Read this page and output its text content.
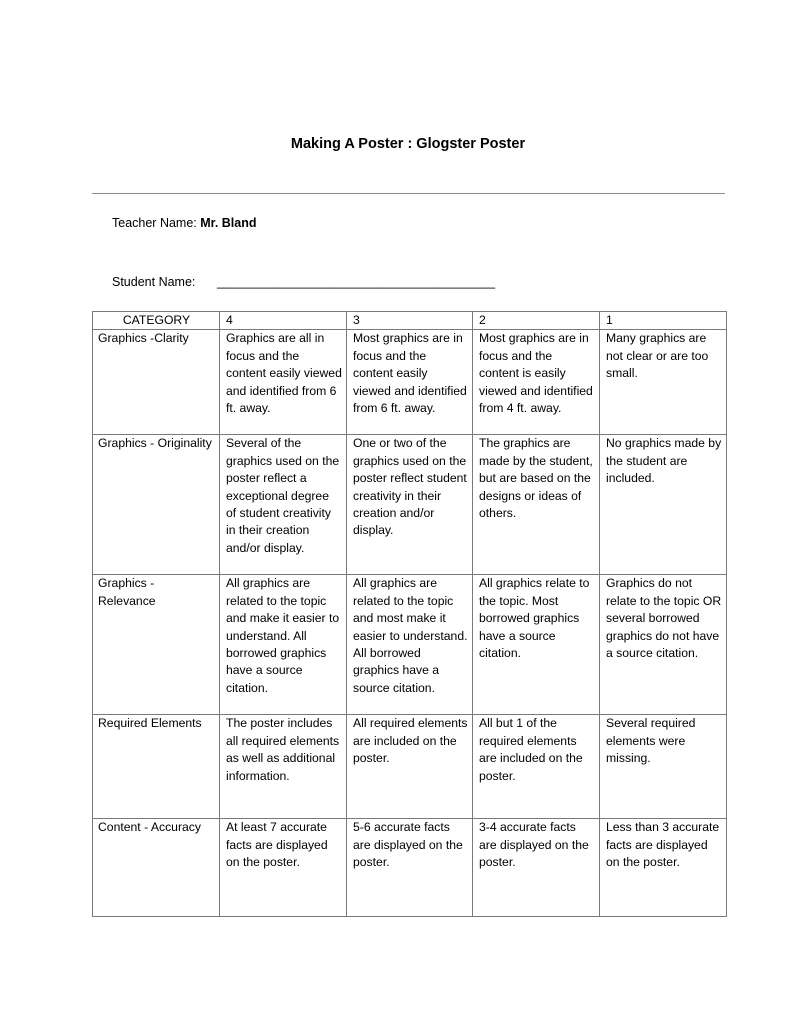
Making A Poster : Glogster Poster
Teacher Name: Mr. Bland
Student Name: ________________________________________
CATEGORY	4	3	2	1
Graphics -Clarity	Graphics are all in focus and the content easily viewed and identified from 6 ft. away.	Most graphics are in focus and the content easily viewed and identified from 6 ft. away.	Most graphics are in focus and the content is easily viewed and identified from 4 ft. away.	Many graphics are not clear or are too small.
Graphics - Originality	Several of the graphics used on the poster reflect a exceptional degree of student creativity in their creation and/or display.	One or two of the graphics used on the poster reflect student creativity in their creation and/or display.	The graphics are made by the student, but are based on the designs or ideas of others.	No graphics made by the student are included.
Graphics - Relevance	All graphics are related to the topic and make it easier to understand. All borrowed graphics have a source citation.	All graphics are related to the topic and most make it easier to understand. All borrowed graphics have a source citation.	All graphics relate to the topic. Most borrowed graphics have a source citation.	Graphics do not relate to the topic OR several borrowed graphics do not have a source citation.
Required Elements	The poster includes all required elements as well as additional information.	All required elements are included on the poster.	All but 1 of the required elements are included on the poster.	Several required elements were missing.
Content - Accuracy	At least 7 accurate facts are displayed on the poster.	5-6 accurate facts are displayed on the poster.	3-4 accurate facts are displayed on the poster.	Less than 3 accurate facts are displayed on the poster.
